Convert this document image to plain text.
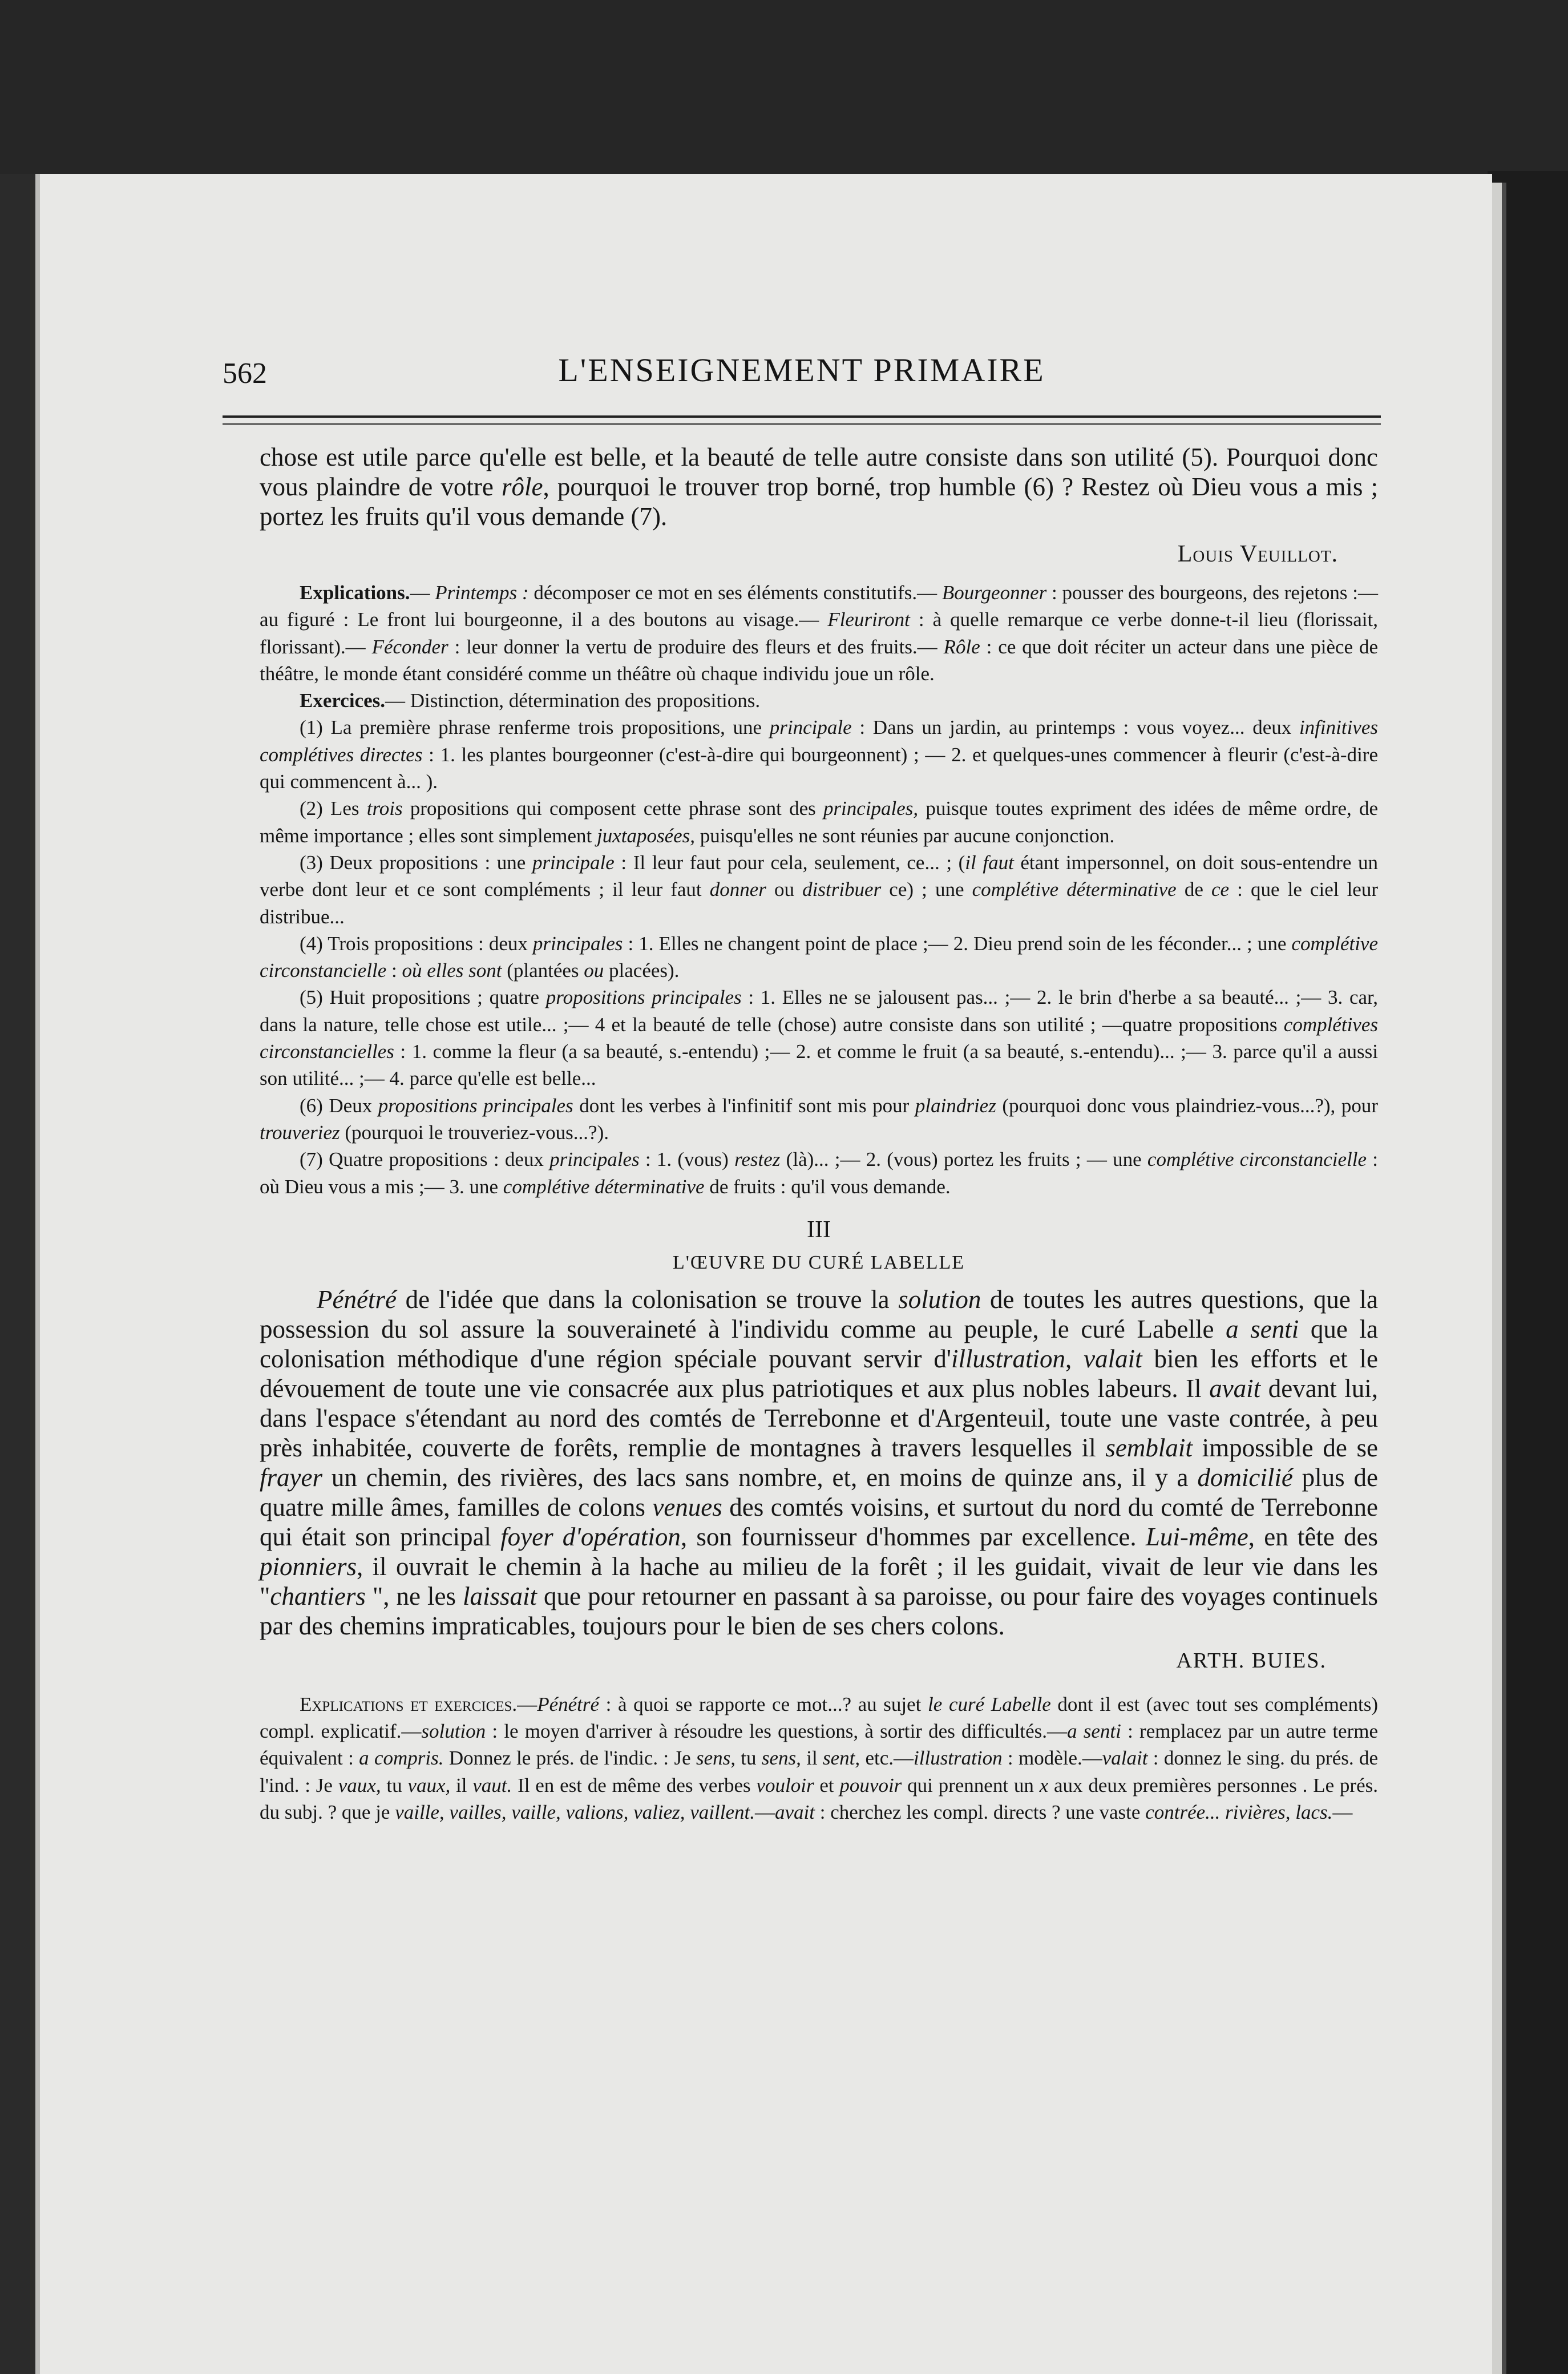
562	L'ENSEIGNEMENT PRIMAIRE

chose est utile parce qu'elle est belle, et la beauté de telle autre consiste dans son utilité (5). Pourquoi donc vous plaindre de votre rôle, pourquoi le trouver trop borné, trop humble (6) ? Restez où Dieu vous a mis ; portez les fruits qu'il vous demande (7).

Louis Veuillot.

Explications.— Printemps : décomposer ce mot en ses éléments constitutifs.— Bourgeonner : pousser des bourgeons, des rejetons :—au figuré : Le front lui bourgeonne, il a des boutons au visage.— Fleuriront : à quelle remarque ce verbe donne-t-il lieu (florissait, florissant).— Féconder : leur donner la vertu de produire des fleurs et des fruits.— Rôle : ce que doit réciter un acteur dans une pièce de théâtre, le monde étant considéré comme un théâtre où chaque individu joue un rôle.

Exercices.— Distinction, détermination des propositions.

(1) La première phrase renferme trois propositions, une principale : Dans un jardin, au printemps : vous voyez... deux infinitives complétives directes : 1. les plantes bourgeonner (c'est-à-dire qui bourgeonnent) ; — 2. et quelques-unes commencer à fleurir (c'est-à-dire qui commencent à... ).

(2) Les trois propositions qui composent cette phrase sont des principales, puisque toutes expriment des idées de même ordre, de même importance ; elles sont simplement juxtaposées, puisqu'elles ne sont réunies par aucune conjonction.

(3) Deux propositions : une principale : Il leur faut pour cela, seulement, ce... ; (il faut étant impersonnel, on doit sous-entendre un verbe dont leur et ce sont compléments ; il leur faut donner ou distribuer ce) ; une complétive déterminative de ce : que le ciel leur distribue...

(4) Trois propositions : deux principales : 1. Elles ne changent point de place ;— 2. Dieu prend soin de les féconder... ; une complétive circonstancielle : où elles sont (plantées ou placées).

(5) Huit propositions ; quatre propositions principales : 1. Elles ne se jalousent pas... ;— 2. le brin d'herbe a sa beauté... ;— 3. car, dans la nature, telle chose est utile... ;— 4 et la beauté de telle (chose) autre consiste dans son utilité ; —quatre propositions complétives circonstancielles : 1. comme la fleur (a sa beauté, s.-entendu) ;— 2. et comme le fruit (a sa beauté, s.-entendu)... ;— 3. parce qu'il a aussi son utilité... ;— 4. parce qu'elle est belle...

(6) Deux propositions principales dont les verbes à l'infinitif sont mis pour plaindriez (pourquoi donc vous plaindriez-vous...?), pour trouveriez (pourquoi le trouveriez-vous...?).

(7) Quatre propositions : deux principales : 1. (vous) restez (là)... ;— 2. (vous) portez les fruits ; — une complétive circonstancielle : où Dieu vous a mis ;— 3. une complétive déterminative de fruits : qu'il vous demande.

III
L'ŒUVRE DU CURÉ LABELLE

Pénétré de l'idée que dans la colonisation se trouve la solution de toutes les autres questions, que la possession du sol assure la souveraineté à l'individu comme au peuple, le curé Labelle a senti que la colonisation méthodique d'une région spéciale pouvant servir d'illustration, valait bien les efforts et le dévouement de toute une vie consacrée aux plus patriotiques et aux plus nobles labeurs. Il avait devant lui, dans l'espace s'étendant au nord des comtés de Terrebonne et d'Argenteuil, toute une vaste contrée, à peu près inhabitée, couverte de forêts, remplie de montagnes à travers lesquelles il semblait impossible de se frayer un chemin, des rivières, des lacs sans nombre, et, en moins de quinze ans, il y a domicilié plus de quatre mille âmes, familles de colons venues des comtés voisins, et surtout du nord du comté de Terrebonne qui était son principal foyer d'opération, son fournisseur d'hommes par excellence. Lui-même, en tête des pionniers, il ouvrait le chemin à la hache au milieu de la forêt ; il les guidait, vivait de leur vie dans les "chantiers ", ne les laissait que pour retourner en passant à sa paroisse, ou pour faire des voyages continuels par des chemins impraticables, toujours pour le bien de ses chers colons.

ARTH. BUIES.

Explications et exercices.—Pénétré : à quoi se rapporte ce mot...? au sujet le curé Labelle dont il est (avec tout ses compléments) compl. explicatif.—solution : le moyen d'arriver à résoudre les questions, à sortir des difficultés.—a senti : remplacez par un autre terme équivalent : a compris. Donnez le prés. de l'indic. : Je sens, tu sens, il sent, etc.—illustration : modèle.—valait : donnez le sing. du prés. de l'ind. : Je vaux, tu vaux, il vaut. Il en est de même des verbes vouloir et pouvoir qui prennent un x aux deux premières personnes . Le prés. du subj. ? que je vaille, vailles, vaille, valions, valiez, vaillent.—avait : cherchez les compl. directs ? une vaste contrée... rivières, lacs.—
